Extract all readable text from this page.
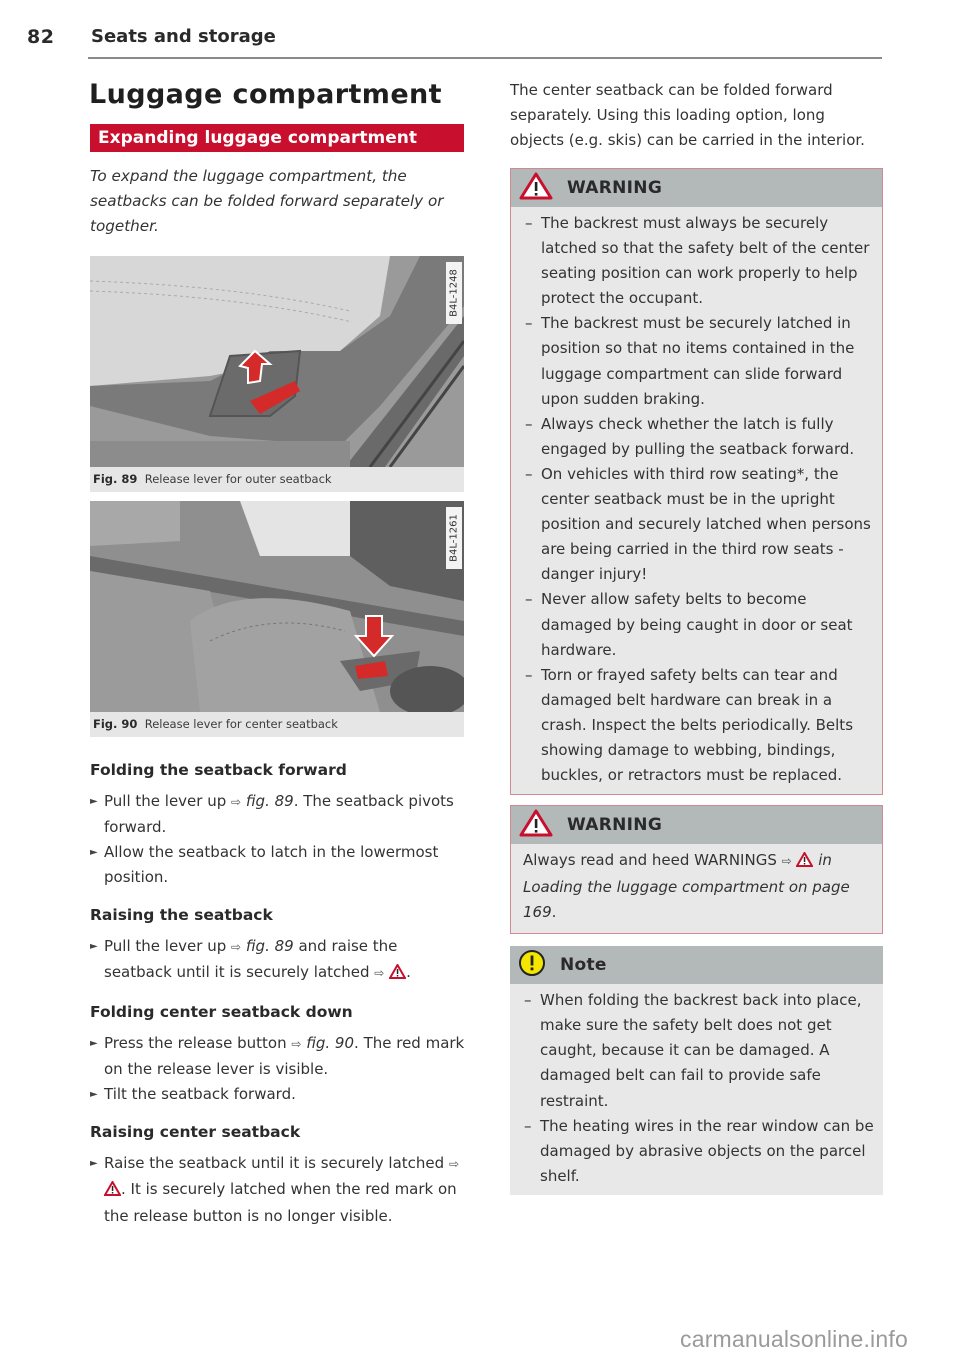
82 Seats and storage
Luggage compartment
Expanding luggage compartment

To expand the luggage compartment, the seatbacks can be folded forward separately or together.

B4L-1248
Fig. 89 Release lever for outer seatback
B4L-1261
Fig. 90 Release lever for center seatback
Folding the seatback forward
► Pull the lever up ⇨ fig. 89. The seatback pivots forward.
► Allow the seatback to latch in the lowermost position.
Raising the seatback
► Pull the lever up ⇨ fig. 89 and raise the seatback until it is securely latched ⇨ .
Folding center seatback down
► Press the release button ⇨ fig. 90. The red mark on the release lever is visible.
► Tilt the seatback forward.
Raising center seatback
► Raise the seatback until it is securely latched ⇨ . It is securely latched when the red mark on the release button is no longer visible.

The center seatback can be folded forward separately. Using this loading option, long objects (e.g. skis) can be carried in the interior.

WARNING
– The backrest must always be securely latched so that the safety belt of the center seating position can work properly to help protect the occupant.
– The backrest must be securely latched in position so that no items contained in the luggage compartment can slide forward upon sudden braking.
– Always check whether the latch is fully engaged by pulling the seatback forward.
– On vehicles with third row seating*, the center seatback must be in the upright position and securely latched when persons are being carried in the third row seats - danger injury!
– Never allow safety belts to become damaged by being caught in door or seat hardware.
– Torn or frayed safety belts can tear and damaged belt hardware can break in a crash. Inspect the belts periodically. Belts showing damage to webbing, bindings, buckles, or retractors must be replaced.
WARNING

Always read and heed WARNINGS ⇨  in Loading the luggage compartment on page 169.

Note
– When folding the backrest back into place, make sure the safety belt does not get caught, because it can be damaged. A damaged belt can fail to provide safe restraint.
– The heating wires in the rear window can be damaged by abrasive objects on the parcel shelf.
carmanualsonline.info
